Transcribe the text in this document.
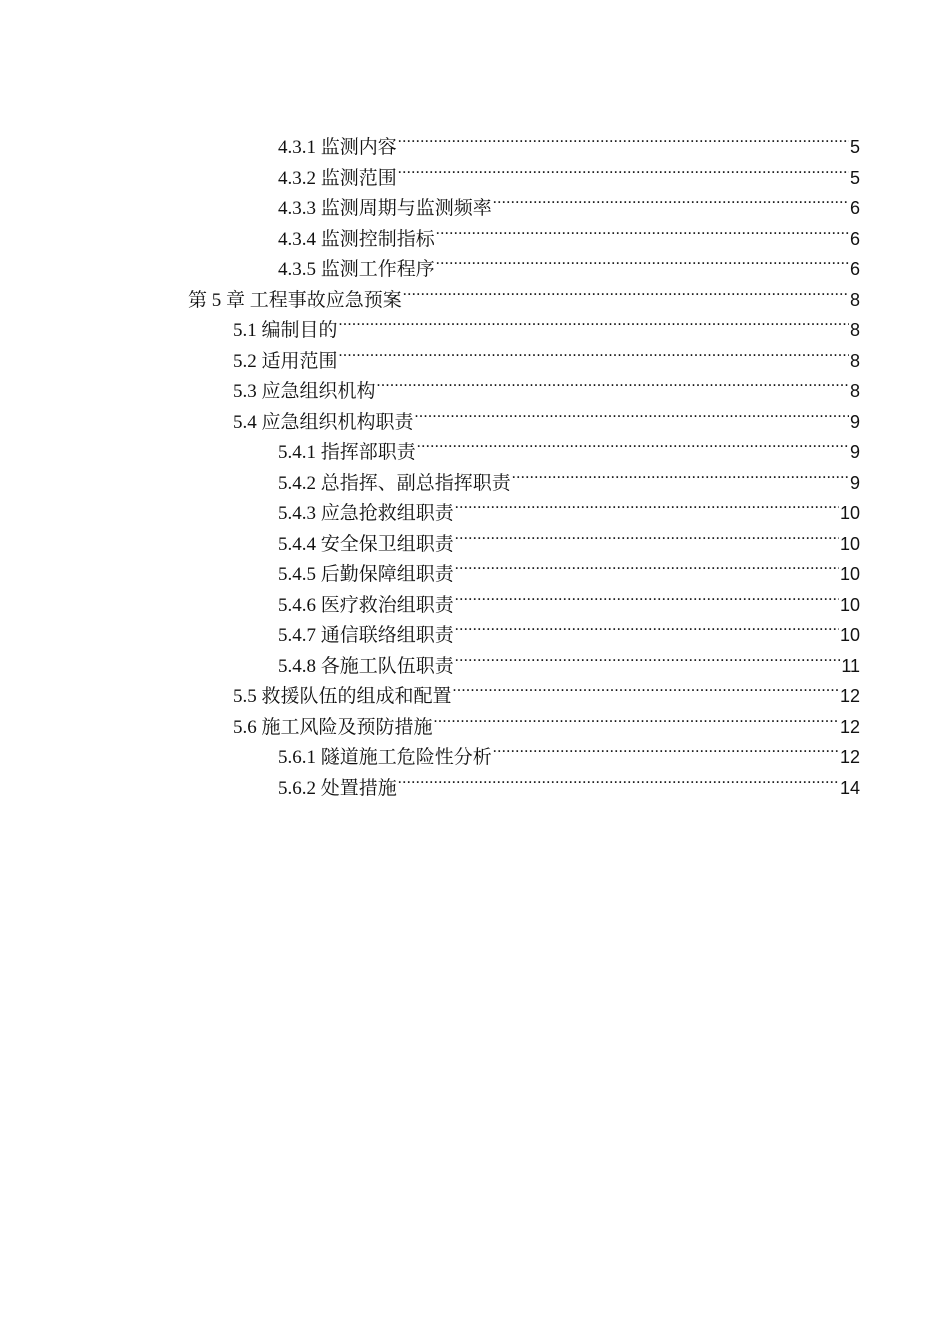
4.3.1 监测内容 .....	5
4.3.2 监测范围 .....	5
4.3.3 监测周期与监测频率 .....	6
4.3.4 监测控制指标 .....	6
4.3.5 监测工作程序 .....	6
第 5 章 工程事故应急预案 .....	8
5.1 编制目的 .....	8
5.2 适用范围 .....	8
5.3 应急组织机构 .....	8
5.4 应急组织机构职责 .....	9
5.4.1 指挥部职责 .....	9
5.4.2 总指挥、副总指挥职责 .....	9
5.4.3 应急抢救组职责 .....	10
5.4.4 安全保卫组职责 .....	10
5.4.5 后勤保障组职责 .....	10
5.4.6 医疗救治组职责 .....	10
5.4.7 通信联络组职责 .....	10
5.4.8 各施工队伍职责 .....	11
5.5 救援队伍的组成和配置 .....	12
5.6 施工风险及预防措施 .....	12
5.6.1 隧道施工危险性分析 .....	12
5.6.2 处置措施 .....	14
